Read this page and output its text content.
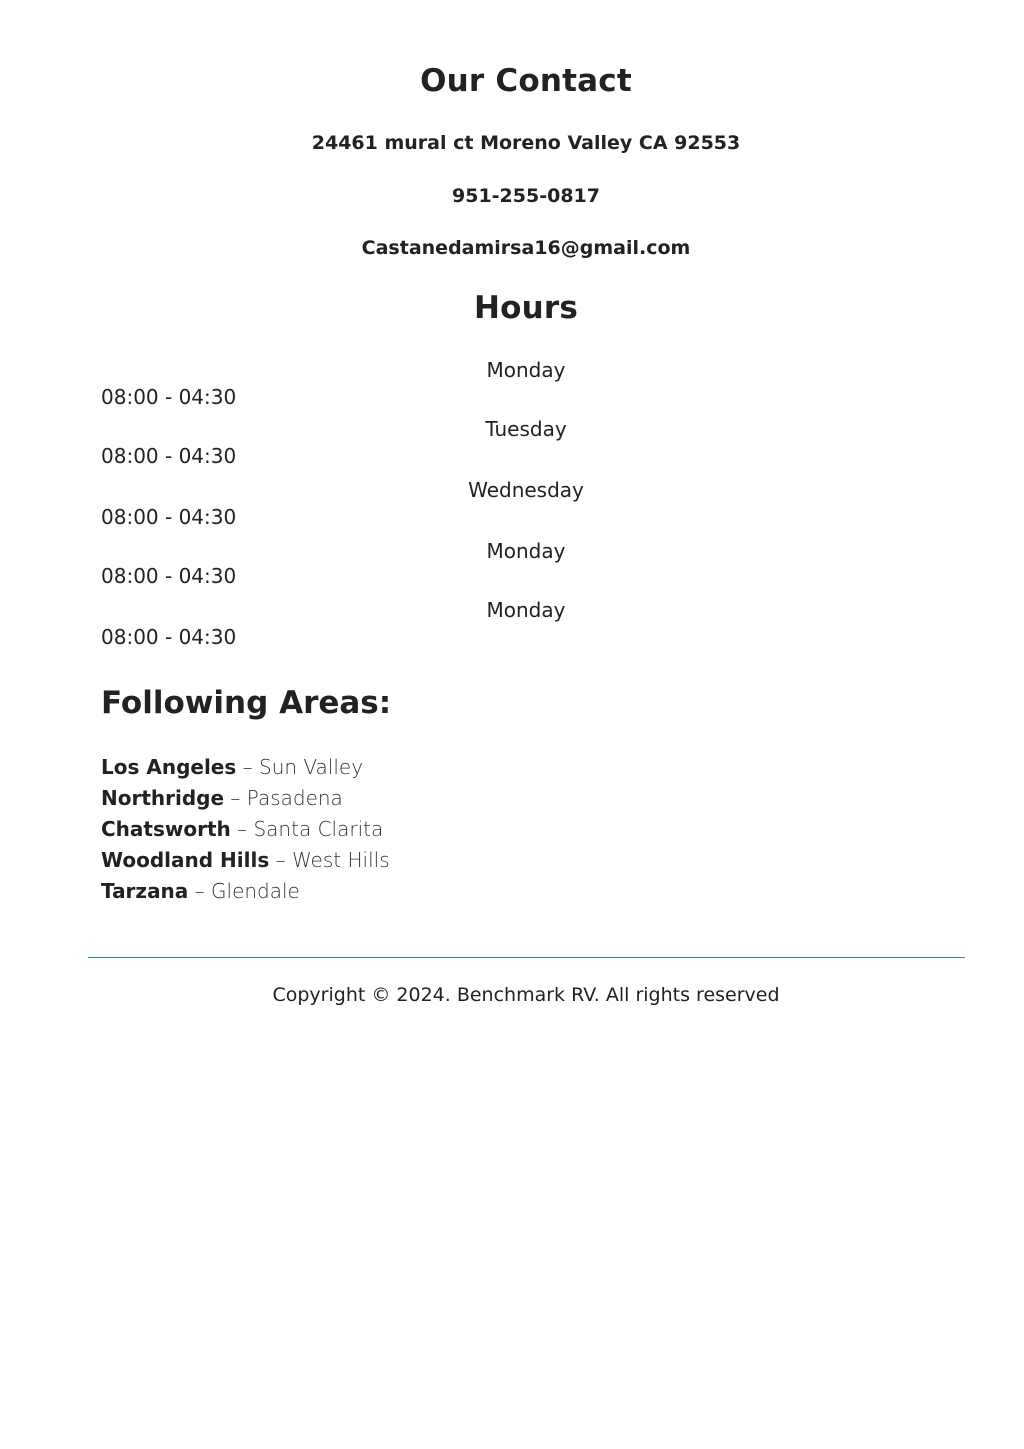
Our Contact

24461 mural ct Moreno Valley CA 92553

951-255-0817

Castanedamirsa16@gmail.com

Hours

Monday

08:00 - 04:30

Tuesday

08:00 - 04:30

Wednesday

08:00 - 04:30

Monday

08:00 - 04:30

Monday

08:00 - 04:30

Following Areas:
Los Angeles – Sun Valley
Northridge – Pasadena
Chatsworth – Santa Clarita
Woodland Hills – West Hills
Tarzana – Glendale

Copyright © 2024. Benchmark RV. All rights reserved
